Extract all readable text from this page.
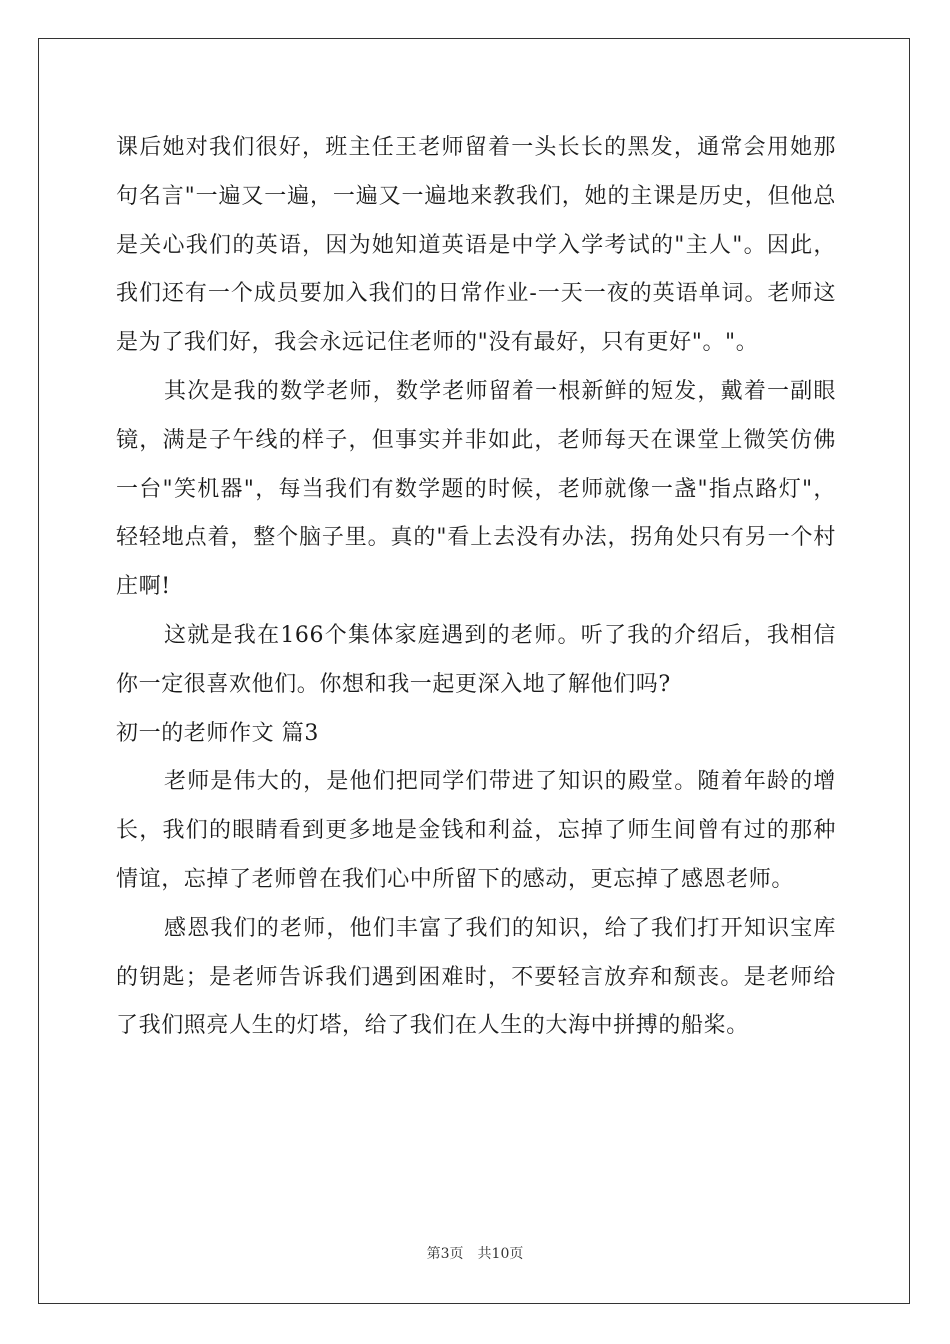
课后她对我们很好，班主任王老师留着一头长长的黑发，通常会用她那句名言"一遍又一遍，一遍又一遍地来教我们，她的主课是历史，但他总是关心我们的英语，因为她知道英语是中学入学考试的"主人"。因此，我们还有一个成员要加入我们的日常作业-一天一夜的英语单词。老师这是为了我们好，我会永远记住老师的"没有最好，只有更好"。"。

其次是我的数学老师，数学老师留着一根新鲜的短发，戴着一副眼镜，满是子午线的样子，但事实并非如此，老师每天在课堂上微笑仿佛一台"笑机器"，每当我们有数学题的时候，老师就像一盏"指点路灯"，轻轻地点着，整个脑子里。真的"看上去没有办法，拐角处只有另一个村庄啊!

这就是我在166个集体家庭遇到的老师。听了我的介绍后，我相信你一定很喜欢他们。你想和我一起更深入地了解他们吗?

初一的老师作文 篇3

老师是伟大的，是他们把同学们带进了知识的殿堂。随着年龄的增长，我们的眼睛看到更多地是金钱和利益，忘掉了师生间曾有过的那种情谊，忘掉了老师曾在我们心中所留下的感动，更忘掉了感恩老师。

感恩我们的老师，他们丰富了我们的知识，给了我们打开知识宝库的钥匙；是老师告诉我们遇到困难时，不要轻言放弃和颓丧。是老师给了我们照亮人生的灯塔，给了我们在人生的大海中拼搏的船桨。

第3页 共10页
